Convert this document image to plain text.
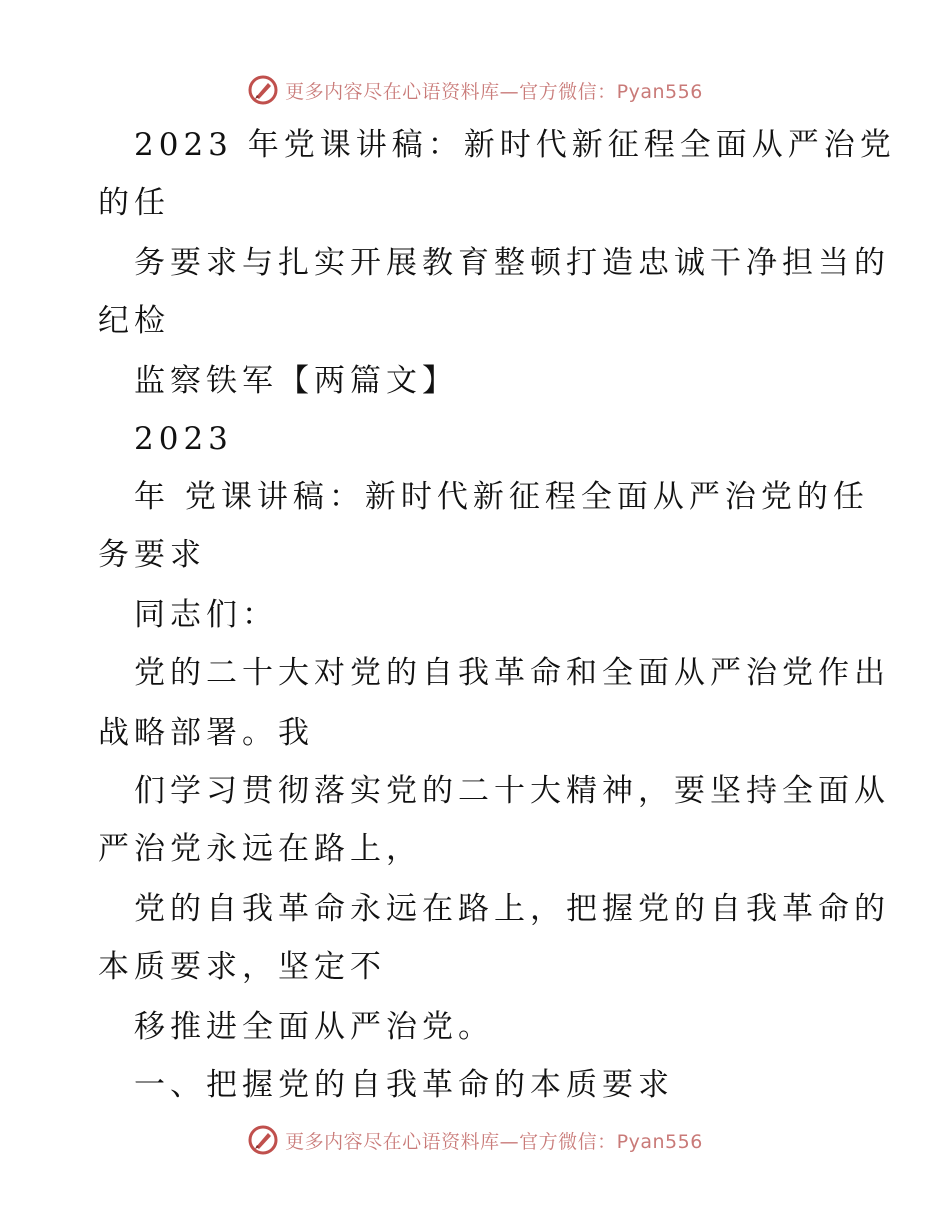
更多内容尽在心语资料库—官方微信：Pyan556
2023 年党课讲稿：新时代新征程全面从严治党
的任
务要求与扎实开展教育整顿打造忠诚干净担当的
纪检
监察铁军【两篇文】
2023
年 党课讲稿：新时代新征程全面从严治党的任
务要求
同志们：
党的二十大对党的自我革命和全面从严治党作出
战略部署。我
们学习贯彻落实党的二十大精神，要坚持全面从
严治党永远在路上，
党的自我革命永远在路上，把握党的自我革命的
本质要求，坚定不
移推进全面从严治党。
一、把握党的自我革命的本质要求
更多内容尽在心语资料库—官方微信：Pyan556
